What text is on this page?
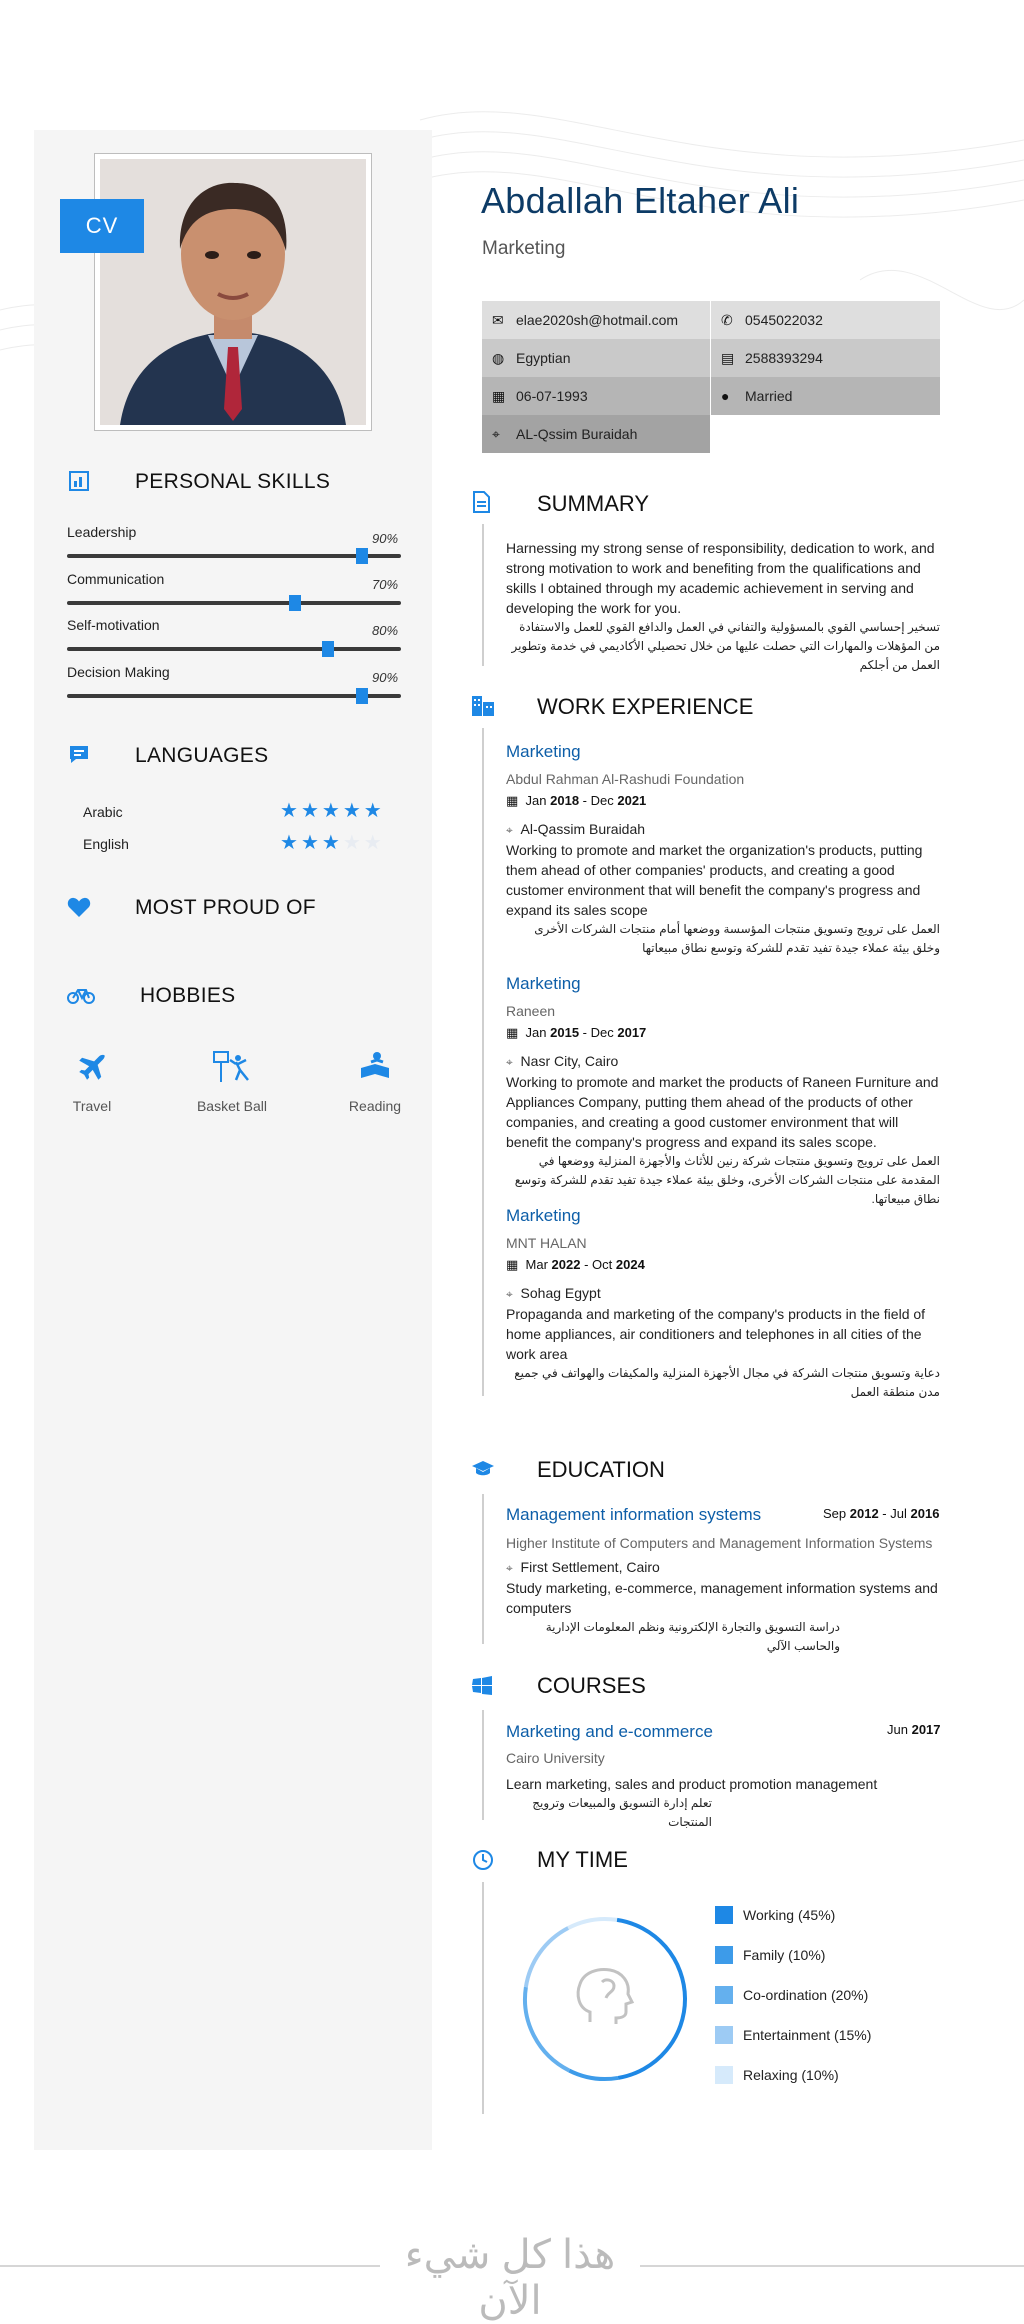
CV
PERSONAL SKILLS
Leadership	90%
Communication	70%
Self-motivation	80%
Decision Making	90%
LANGUAGES
Arabic	★ ★ ★ ★ ★
English	★ ★ ★ ★ ★
MOST PROUD OF
HOBBIES
Travel	Basket Ball	Reading
Abdallah Eltaher Ali
Marketing
✉ elae2020sh@hotmail.com	✆ 0545022032
◍ Egyptian	▤ 2588393294
▦ 06-07-1993	●	Married
⌖	AL-Qssim Buraidah
SUMMARY
Harnessing my strong sense of responsibility, dedication to work, and strong motivation to work and benefiting from the qualifications and skills I obtained through my academic achievement in serving and developing the work for you.
تسخير إحساسي القوي بالمسؤولية والتفاني في العمل والدافع القوي للعمل والاستفادة من المؤهلات والمهارات التي حصلت عليها من خلال تحصيلي الأكاديمي في خدمة وتطوير العمل من أجلكم
WORK EXPERIENCE
Marketing
Abdul Rahman Al-Rashudi Foundation
▦ Jan 2018 - Dec 2021
⌖ Al-Qassim Buraidah
Working to promote and market the organization's products, putting them ahead of other companies' products, and creating a good customer environment that will benefit the company's progress and expand its sales scope
العمل على ترويج وتسويق منتجات المؤسسة ووضعها أمام منتجات الشركات الأخرى وخلق بيئة عملاء جيدة تفيد تقدم للشركة وتوسع نطاق مبيعاتها
Marketing
Raneen
▦ Jan 2015 - Dec 2017
⌖ Nasr City, Cairo
Working to promote and market the products of Raneen Furniture and Appliances Company, putting them ahead of the products of other companies, and creating a good customer environment that will benefit the company's progress and expand its sales scope.
العمل على ترويج وتسويق منتجات شركة رنين للأثاث والأجهزة المنزلية ووضعها في المقدمة على منتجات الشركات الأخرى، وخلق بيئة عملاء جيدة تفيد تقدم للشركة وتوسع نطاق مبيعاتها.
Marketing
MNT HALAN
▦ Mar 2022 - Oct 2024
⌖ Sohag Egypt
Propaganda and marketing of the company's products in the field of home appliances, air conditioners and telephones in all cities of the work area
دعاية وتسويق منتجات الشركة في مجال الأجهزة المنزلية والمكيفات والهواتف في جميع مدن منطقة العمل
EDUCATION
Management information systems	Sep 2012 - Jul 2016
Higher Institute of Computers and Management Information Systems
⌖ First Settlement, Cairo
Study marketing, e-commerce, management information systems and computers
دراسة التسويق والتجارة الإلكترونية ونظم المعلومات الإدارية والحاسب الآلي
COURSES
Marketing and e-commerce	Jun 2017
Cairo University
Learn marketing, sales and product promotion management
تعلم إدارة التسويق والمبيعات وترويج المنتجات
MY TIME
Working (45%)
Family (10%)
Co-ordination (20%)
Entertainment (15%)
Relaxing (10%)
هذا كل شيء الآن
